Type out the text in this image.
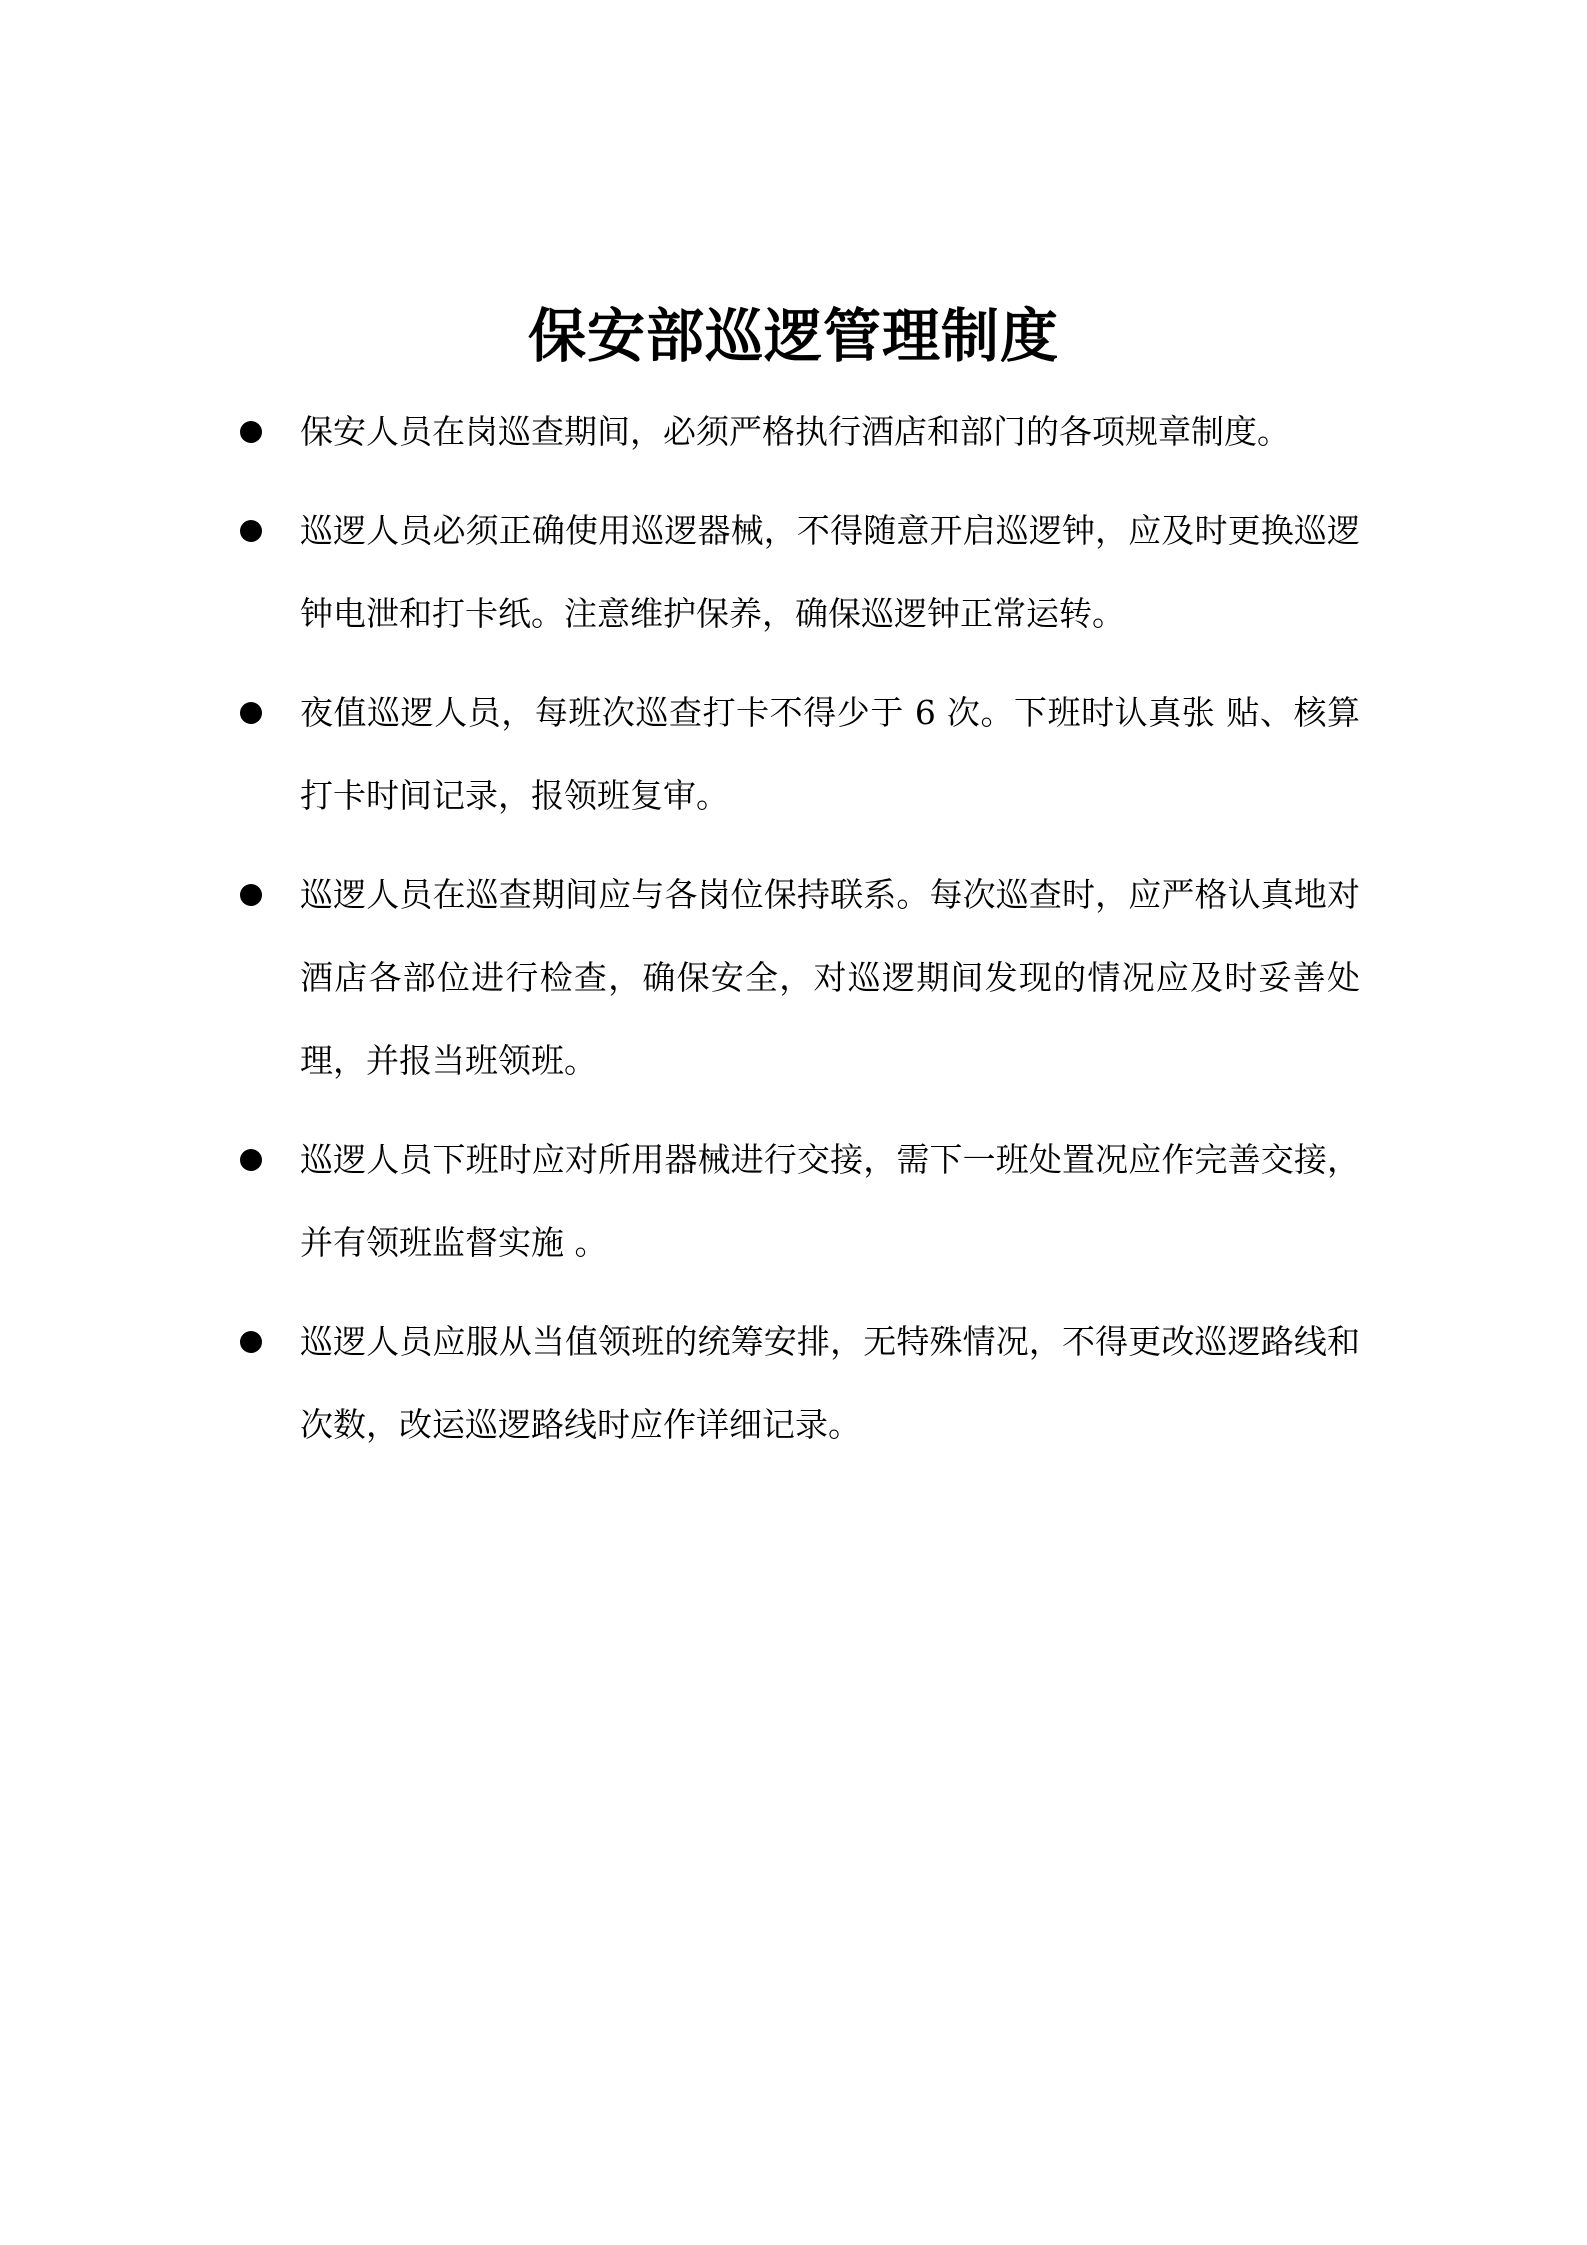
保安部巡逻管理制度
保安人员在岗巡查期间，必须严格执行酒店和部门的各项规章制度。
巡逻人员必须正确使用巡逻器械，不得随意开启巡逻钟，应及时更换巡逻钟电泄和打卡纸。注意维护保养，确保巡逻钟正常运转。
夜值巡逻人员，每班次巡查打卡不得少于 6 次。下班时认真张 贴、核算打卡时间记录，报领班复审。
巡逻人员在巡查期间应与各岗位保持联系。每次巡查时，应严格认真地对酒店各部位进行检查，确保安全，对巡逻期间发现的情况应及时妥善处理，并报当班领班。
巡逻人员下班时应对所用器械进行交接，需下一班处置况应作完善交接，并有领班监督实施 。
巡逻人员应服从当值领班的统筹安排，无特殊情况，不得更改巡逻路线和次数，改运巡逻路线时应作详细记录。
